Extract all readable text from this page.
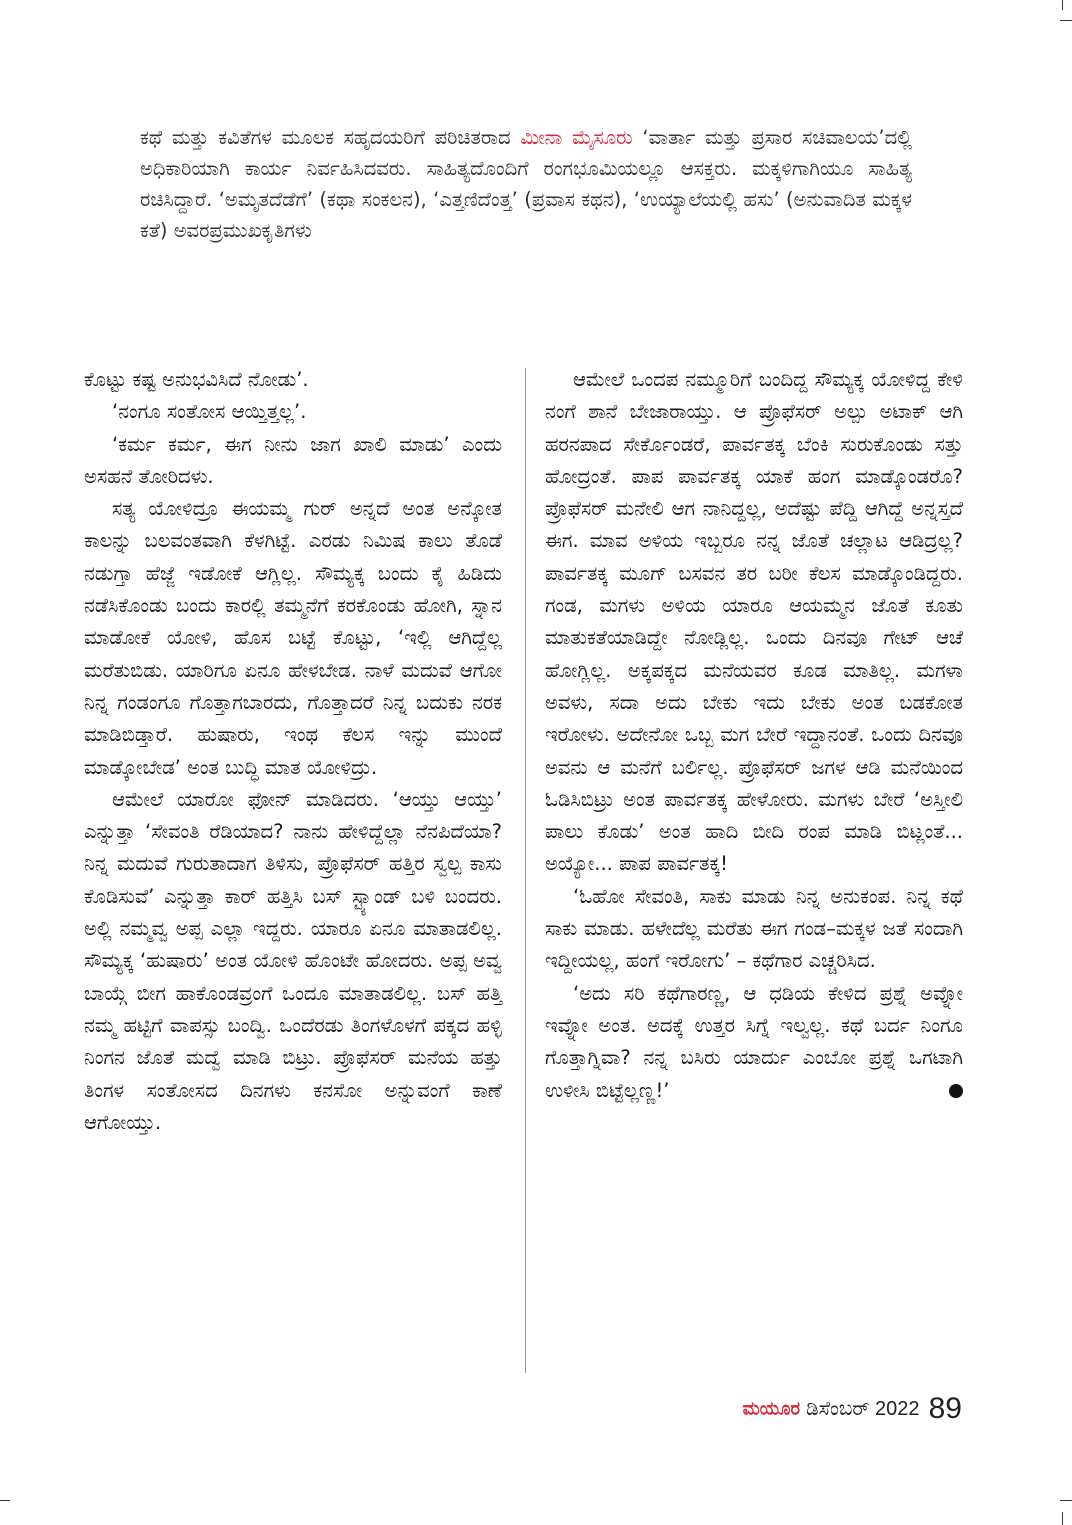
ಕಥೆ ಮತ್ತು ಕವಿತೆಗಳ ಮೂಲಕ ಸಹೃದಯರಿಗೆ ಪರಿಚಿತರಾದ ಮೀನಾ ಮೈಸೂರು ‘ವಾರ್ತಾ ಮತ್ತು ಪ್ರಸಾರ ಸಚಿವಾಲಯ’ದಲ್ಲಿ ಅಧಿಕಾರಿಯಾಗಿ ಕಾರ್ಯ ನಿರ್ವಹಿಸಿದವರು. ಸಾಹಿತ್ಯದೊಂದಿಗೆ ರಂಗಭೂಮಿಯಲ್ಲೂ ಆಸಕ್ತರು. ಮಕ್ಕಳಿಗಾಗಿಯೂ ಸಾಹಿತ್ಯ ರಚಿಸಿದ್ದಾರೆ. ‘ಅಮೃತದೆಡೆಗೆ’ (ಕಥಾ ಸಂಕಲನ), ‘ಎತ್ತಣಿದೆಂತ್ತ’ (ಪ್ರವಾಸ ಕಥನ), ‘ಉಯ್ಯಾಲೆಯಲ್ಲಿ ಹಸು’ (ಅನುವಾದಿತ ಮಕ್ಕಳ ಕತೆ) ಅವರಪ್ರಮುಖಕೃತಿಗಳು

ಕೊಟ್ಟು ಕಷ್ಟ ಅನುಭವಿಸಿದೆ ನೋಡು’.

‘ನಂಗೂ ಸಂತೋಸ ಆಯ್ತಿತ್ತಲ್ಲ’.

‘ಕರ್ಮ ಕರ್ಮ, ಈಗ ನೀನು ಜಾಗ ಖಾಲಿ ಮಾಡು’ ಎಂದು ಅಸಹನೆ ತೋರಿದಳು.

ಸತ್ಯ ಯೋಳಿದ್ರೂ ಈಯಮ್ಮ ಗುರ್ ಅನ್ನದೆ ಅಂತ ಅನ್ಕೋತ ಕಾಲನ್ನು ಬಲವಂತವಾಗಿ ಕೆಳಗಿಟ್ಟೆ. ಎರಡು ನಿಮಿಷ ಕಾಲು ತೊಡೆ ನಡುಗ್ತಾ ಹೆಜ್ಜೆ ಇಡೋಕೆ ಆಗ್ಲಿಲ್ಲ. ಸೌಮ್ಯಕ್ಕ ಬಂದು ಕೈ ಹಿಡಿದು ನಡೆಸಿಕೊಂಡು ಬಂದು ಕಾರಲ್ಲಿ ತಮ್ಮನೆಗೆ ಕರಕೊಂಡು ಹೋಗಿ, ಸ್ನಾನ ಮಾಡೋಕೆ ಯೋಳಿ, ಹೊಸ ಬಟ್ಟೆ ಕೊಟ್ಟು, ‘ಇಲ್ಲಿ ಆಗಿದ್ದೆಲ್ಲ ಮರೆತುಬಿಡು. ಯಾರಿಗೂ ಏನೂ ಹೇಳಬೇಡ. ನಾಳೆ ಮದುವೆ ಆಗೋ ನಿನ್ನ ಗಂಡಂಗೂ ಗೊತ್ತಾಗಬಾರದು, ಗೊತ್ತಾದರೆ ನಿನ್ನ ಬದುಕು ನರಕ ಮಾಡಿಬಿಡ್ತಾರೆ. ಹುಷಾರು, ಇಂಥ ಕೆಲಸ ಇನ್ನು ಮುಂದೆ ಮಾಡ್ಕೋಬೇಡ’ ಅಂತ ಬುದ್ಧಿ ಮಾತ ಯೋಳಿದ್ರು.

ಆಮೇಲೆ ಯಾರೋ ಫೋನ್ ಮಾಡಿದರು. ‘ಆಯ್ತು ಆಯ್ತು’ ಎನ್ನುತ್ತಾ ‘ಸೇವಂತಿ ರೆಡಿಯಾದ? ನಾನು ಹೇಳಿದ್ದೆಲ್ಲಾ ನೆನಪಿದೆಯಾ? ನಿನ್ನ ಮದುವೆ ಗುರುತಾದಾಗ ತಿಳಿಸು, ಪ್ರೊಫೆಸರ್ ಹತ್ತಿರ ಸ್ವಲ್ಪ ಕಾಸು ಕೊಡಿಸುವೆ’ ಎನ್ನುತ್ತಾ ಕಾರ್ ಹತ್ತಿಸಿ ಬಸ್ ಸ್ಟ್ಯಾಂಡ್ ಬಳಿ ಬಂದರು. ಅಲ್ಲಿ ನಮ್ಮವ್ವ ಅಪ್ಪ ಎಲ್ಲಾ ಇದ್ದರು. ಯಾರೂ ಏನೂ ಮಾತಾಡಲಿಲ್ಲ. ಸೌಮ್ಯಕ್ಕ ‘ಹುಷಾರು’ ಅಂತ ಯೋಳಿ ಹೊಂಟೇ ಹೋದರು. ಅಪ್ಪ ಅವ್ವ ಬಾಯ್ಗೆ ಬೀಗ ಹಾಕೊಂಡವ್ರಂಗೆ ಒಂದೂ ಮಾತಾಡಲಿಲ್ಲ. ಬಸ್ ಹತ್ತಿ ನಮ್ಮ ಹಟ್ಟಿಗೆ ವಾಪಸ್ಸು ಬಂದ್ವಿ. ಒಂದೆರಡು ತಿಂಗಳೊಳಗೆ ಪಕ್ಕದ ಹಳ್ಳಿ ನಿಂಗನ ಜೊತೆ ಮದ್ವೆ ಮಾಡಿ ಬಿಟ್ರು. ಪ್ರೊಫೆಸರ್ ಮನೆಯ ಹತ್ತು ತಿಂಗಳ ಸಂತೋಸದ ದಿನಗಳು ಕನಸೋ ಅನ್ನುವಂಗೆ ಕಾಣೆ ಆಗೋಯ್ತು.

ಆಮೇಲೆ ಒಂದಪ ನಮ್ಮೂರಿಗೆ ಬಂದಿದ್ದ ಸೌಮ್ಯಕ್ಕ ಯೋಳಿದ್ದ ಕೇಳಿ ನಂಗೆ ಶಾನೆ ಬೇಜಾರಾಯ್ತು. ಆ ಪ್ರೊಫೆಸರ್ ಅಲ್ಪು ಅಟಾಕ್ ಆಗಿ ಹರನಪಾದ ಸೇರ್ಕೊಂಡರೆ, ಪಾರ್ವತಕ್ಕ ಬೆಂಕಿ ಸುರುಕೊಂಡು ಸತ್ತು ಹೋದ್ರಂತೆ. ಪಾಪ ಪಾರ್ವತಕ್ಕ ಯಾಕೆ ಹಂಗ ಮಾಡ್ಕೊಂಡರೊ? ಪ್ರೊಫೆಸರ್ ಮನೇಲಿ ಆಗ ನಾನಿದ್ದಲ್ಲ, ಅದೆಷ್ಟು ಪೆದ್ದಿ ಆಗಿದ್ದೆ ಅನ್ನಸ್ತದೆ ಈಗ. ಮಾವ ಅಳಿಯ ಇಬ್ಬರೂ ನನ್ನ ಜೊತೆ ಚಲ್ಲಾಟ ಆಡಿದ್ರಲ್ಲ? ಪಾರ್ವತಕ್ಕ ಮೂಗ್ ಬಸವನ ತರ ಬರೀ ಕೆಲಸ ಮಾಡ್ಕೊಂಡಿದ್ದರು. ಗಂಡ, ಮಗಳು ಅಳಿಯ ಯಾರೂ ಆಯಮ್ಮನ ಜೊತೆ ಕೂತು ಮಾತುಕತೆಯಾಡಿದ್ದೇ ನೋಡ್ಲಿಲ್ಲ. ಒಂದು ದಿನವೂ ಗೇಟ್ ಆಚೆ ಹೋಗ್ಲಿಲ್ಲ. ಅಕ್ಕಪಕ್ಕದ ಮನೆಯವರ ಕೂಡ ಮಾತಿಲ್ಲ. ಮಗಳಾ ಅವಳು, ಸದಾ ಅದು ಬೇಕು ಇದು ಬೇಕು ಅಂತ ಬಡಕೋತ ಇರೋಳು. ಅದೇನೋ ಒಬ್ಬ ಮಗ ಬೇರೆ ಇದ್ದಾನಂತೆ. ಒಂದು ದಿನವೂ ಅವನು ಆ ಮನೆಗೆ ಬರ್ಲಿಲ್ಲ. ಪ್ರೊಫೆಸರ್ ಜಗಳ ಆಡಿ ಮನೆಯಿಂದ ಓಡಿಸಿಬಿಟ್ರು ಅಂತ ಪಾರ್ವತಕ್ಕ ಹೇಳೋರು. ಮಗಳು ಬೇರೆ ‘ಅಸ್ತೀಲಿ ಪಾಲು ಕೊಡು’ ಅಂತ ಹಾದಿ ಬೀದಿ ರಂಪ ಮಾಡಿ ಬಿಟ್ಲಂತೆ... ಅಯ್ಯೋ... ಪಾಪ ಪಾರ್ವತಕ್ಕ!

‘ಓಹೋ ಸೇವಂತಿ, ಸಾಕು ಮಾಡು ನಿನ್ನ ಅನುಕಂಪ. ನಿನ್ನ ಕಥೆ ಸಾಕು ಮಾಡು. ಹಳೇದೆಲ್ಲ ಮರೆತು ಈಗ ಗಂಡ–ಮಕ್ಕಳ ಜತೆ ಸಂದಾಗಿ ಇದ್ದೀಯಲ್ಲ, ಹಂಗೆ ಇರೋಗು’ – ಕಥೆಗಾರ ಎಚ್ಚರಿಸಿದ.

‘ಅದು ಸರಿ ಕಥೆಗಾರಣ್ಣ, ಆ ಧಡಿಯ ಕೇಳಿದ ಪ್ರಶ್ನೆ ಅವ್ನೋ ಇವ್ನೋ ಅಂತ. ಅದಕ್ಕೆ ಉತ್ತರ ಸಿಗ್ನೆ ಇಲ್ವಲ್ಲ. ಕಥೆ ಬರ್ದ ನಿಂಗೂ ಗೊತ್ತಾಗ್ನಿವಾ? ನನ್ನ ಬಸಿರು ಯಾರ್ದು ಎಂಬೋ ಪ್ರಶ್ನೆ ಒಗಟಾಗಿ ಉಳೀಸಿ ಬಿಟ್ಟೆಲ್ಲಣ್ಣ!’

ಮಯೂರ ಡಿಸೆಂಬರ್ 2022 89
